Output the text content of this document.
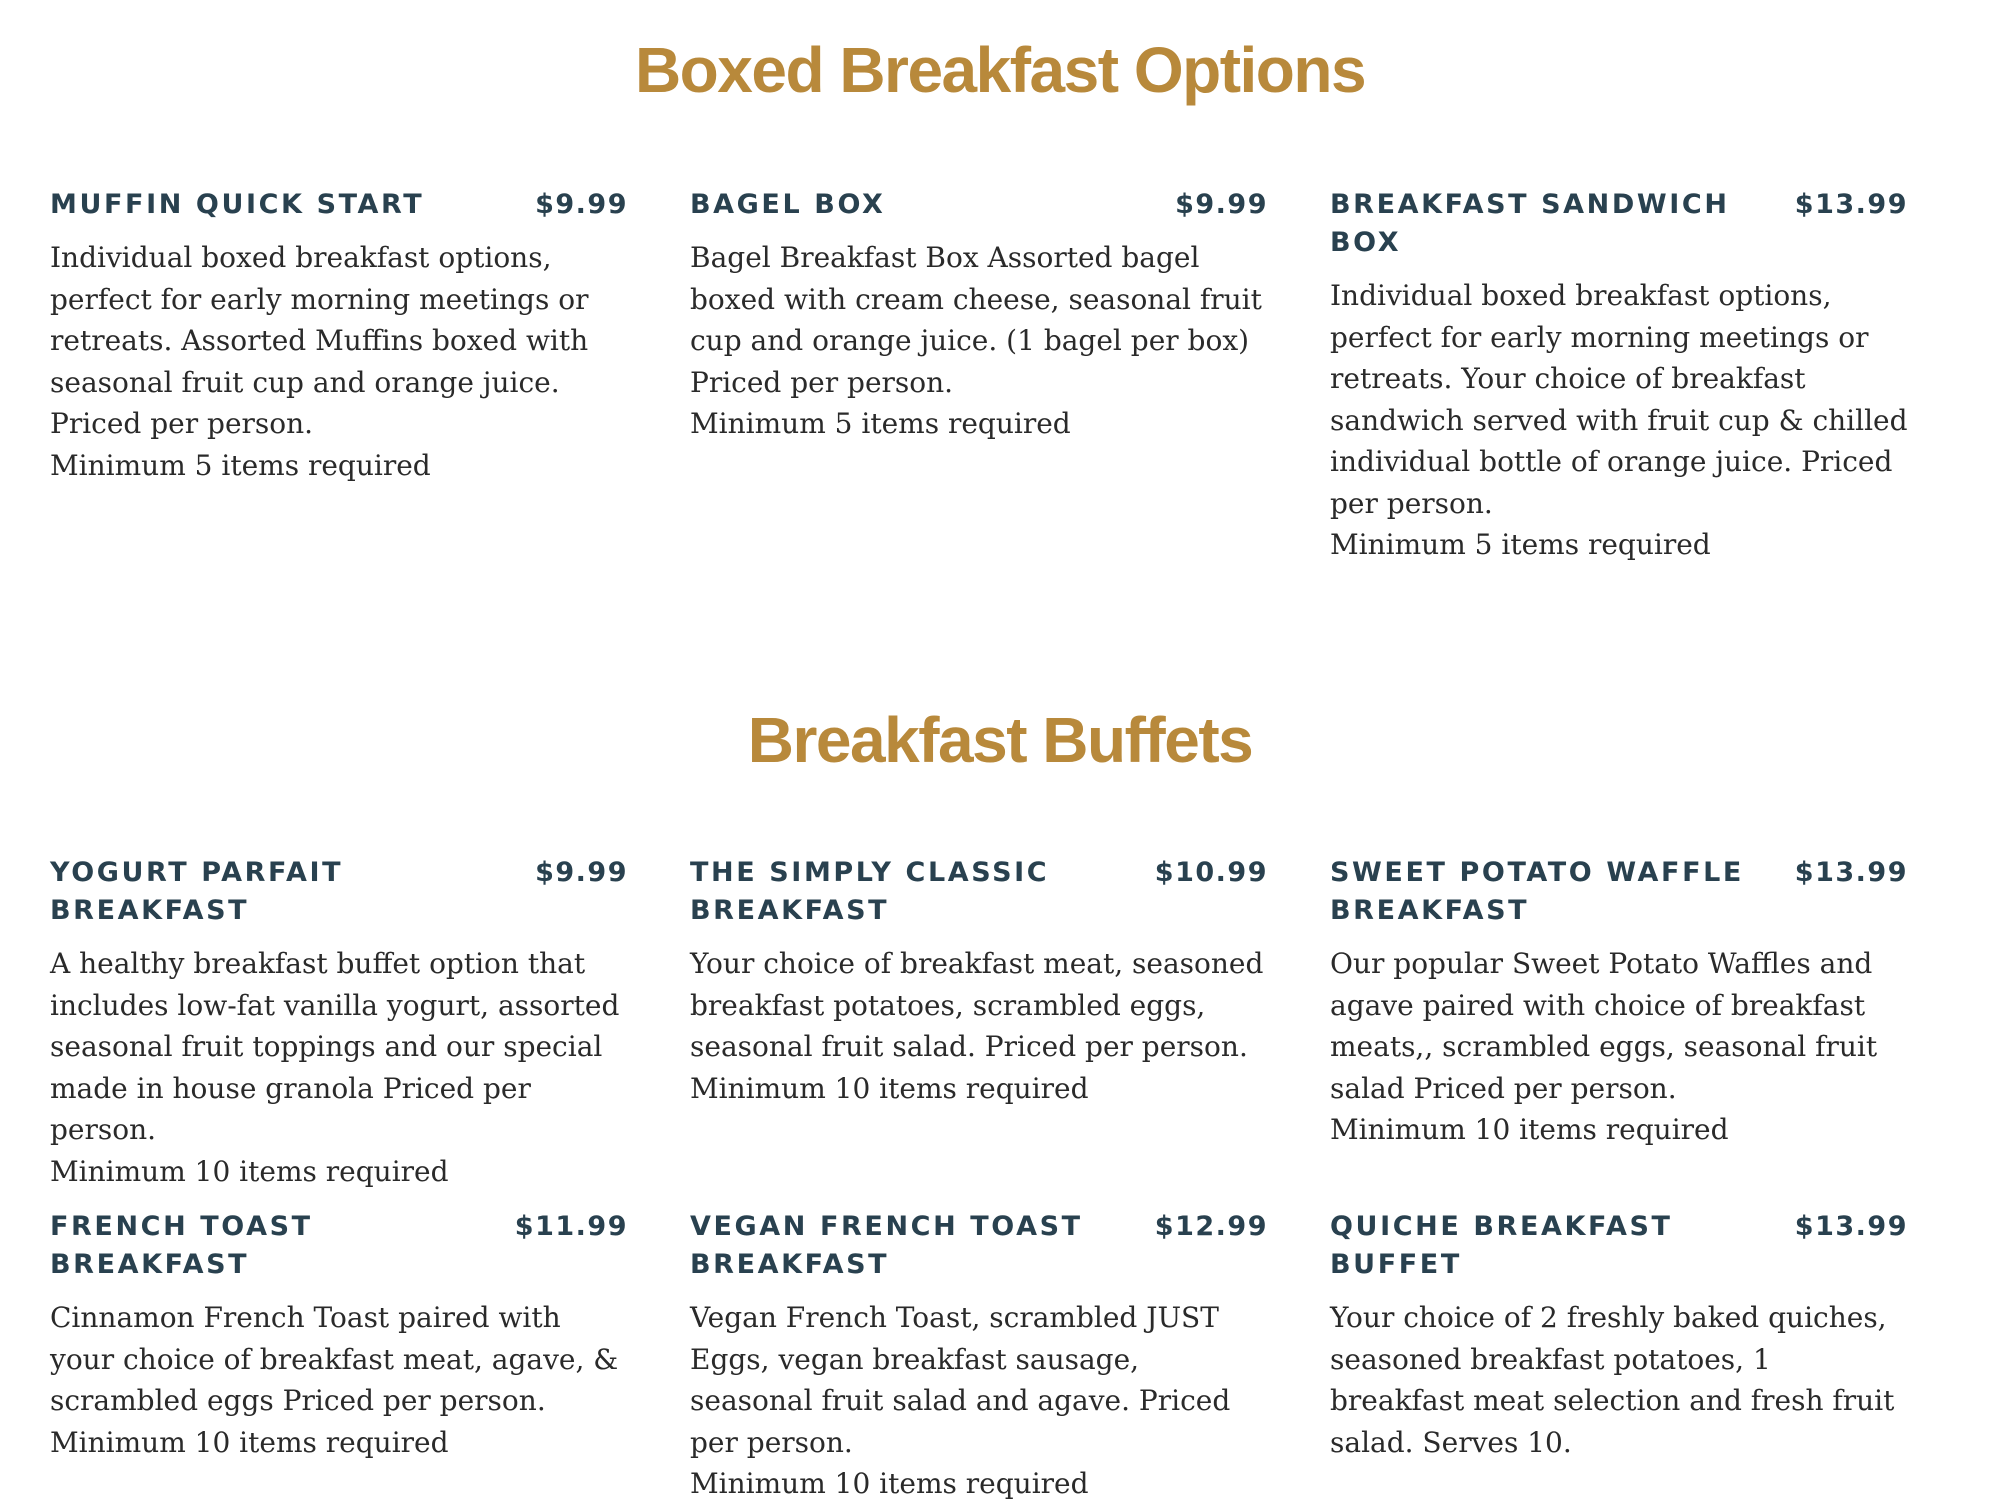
Boxed Breakfast Options
MUFFIN QUICK START	$9.99

Individual boxed breakfast options, perfect for early morning meetings or retreats. Assorted Muffins boxed with seasonal fruit cup and orange juice. Priced per person.
Minimum 5 items required

BAGEL BOX	$9.99

Bagel Breakfast Box Assorted bagel boxed with cream cheese, seasonal fruit cup and orange juice. (1 bagel per box) Priced per person.
Minimum 5 items required

BREAKFAST SANDWICH BOX
$13.99

Individual boxed breakfast options, perfect for early morning meetings or retreats. Your choice of breakfast sandwich served with fruit cup & chilled individual bottle of orange juice. Priced per person.
Minimum 5 items required

Breakfast Buffets
YOGURT PARFAIT BREAKFAST
$9.99

A healthy breakfast buffet option that includes low-fat vanilla yogurt, assorted seasonal fruit toppings and our special made in house granola Priced per person.
Minimum 10 items required

THE SIMPLY CLASSIC BREAKFAST
$10.99

Your choice of breakfast meat, seasoned breakfast potatoes, scrambled eggs, seasonal fruit salad. Priced per person.
Minimum 10 items required

SWEET POTATO WAFFLE BREAKFAST
$13.99

Our popular Sweet Potato Waffles and agave paired with choice of breakfast meats,, scrambled eggs, seasonal fruit salad Priced per person.
Minimum 10 items required

FRENCH TOAST BREAKFAST
$11.99

Cinnamon French Toast paired with your choice of breakfast meat, agave, & scrambled eggs Priced per person.
Minimum 10 items required

VEGAN FRENCH TOAST BREAKFAST
$12.99

Vegan French Toast, scrambled JUST Eggs, vegan breakfast sausage, seasonal fruit salad and agave. Priced per person.
Minimum 10 items required

QUICHE BREAKFAST BUFFET
$13.99

Your choice of 2 freshly baked quiches, seasoned breakfast potatoes, 1 breakfast meat selection and fresh fruit salad. Serves 10.
